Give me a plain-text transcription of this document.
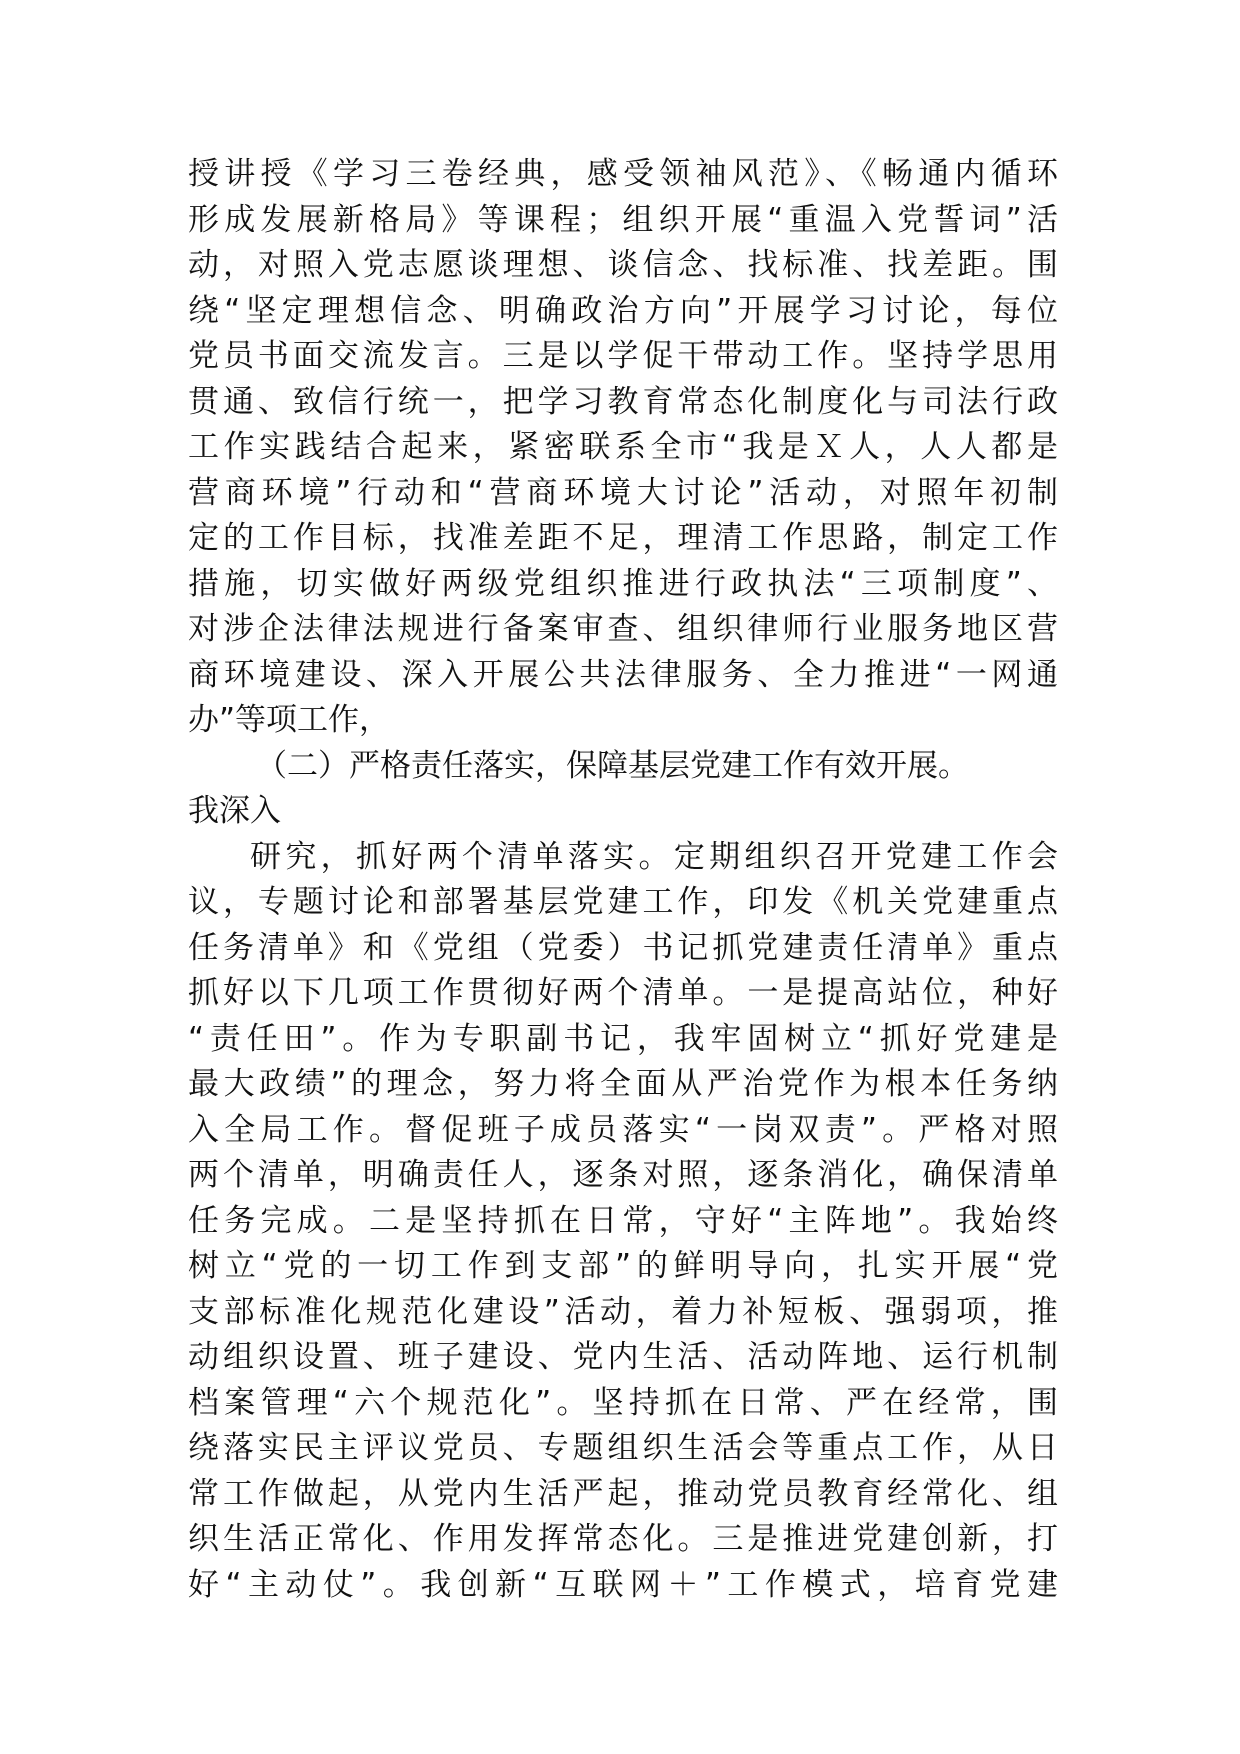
授讲授《学习三卷经典，感受领袖风范》、《畅通内循环
形成发展新格局》等课程；组织开展“重温入党誓词”活
动，对照入党志愿谈理想、谈信念、找标准、找差距。围
绕“坚定理想信念、明确政治方向”开展学习讨论，每位
党员书面交流发言。三是以学促干带动工作。坚持学思用
贯通、致信行统一，把学习教育常态化制度化与司法行政
工作实践结合起来，紧密联系全市“我是Ｘ人，人人都是
营商环境”行动和“营商环境大讨论”活动，对照年初制
定的工作目标，找准差距不足，理清工作思路，制定工作
措施，切实做好两级党组织推进行政执法“三项制度”、
对涉企法律法规进行备案审查、组织律师行业服务地区营
商环境建设、深入开展公共法律服务、全力推进“一网通
办”等项工作，
（二）严格责任落实，保障基层党建工作有效开展。
我深入
研究，抓好两个清单落实。定期组织召开党建工作会
议，专题讨论和部署基层党建工作，印发《机关党建重点
任务清单》和《党组（党委）书记抓党建责任清单》重点
抓好以下几项工作贯彻好两个清单。一是提高站位，种好
“责任田”。作为专职副书记，我牢固树立“抓好党建是
最大政绩”的理念，努力将全面从严治党作为根本任务纳
入全局工作。督促班子成员落实“一岗双责”。严格对照
两个清单，明确责任人，逐条对照，逐条消化，确保清单
任务完成。二是坚持抓在日常，守好“主阵地”。我始终
树立“党的一切工作到支部”的鲜明导向，扎实开展“党
支部标准化规范化建设”活动，着力补短板、强弱项，推
动组织设置、班子建设、党内生活、活动阵地、运行机制
档案管理“六个规范化”。坚持抓在日常、严在经常，围
绕落实民主评议党员、专题组织生活会等重点工作，从日
常工作做起，从党内生活严起，推动党员教育经常化、组
织生活正常化、作用发挥常态化。三是推进党建创新，打
好“主动仗”。我创新“互联网＋”工作模式，培育党建
